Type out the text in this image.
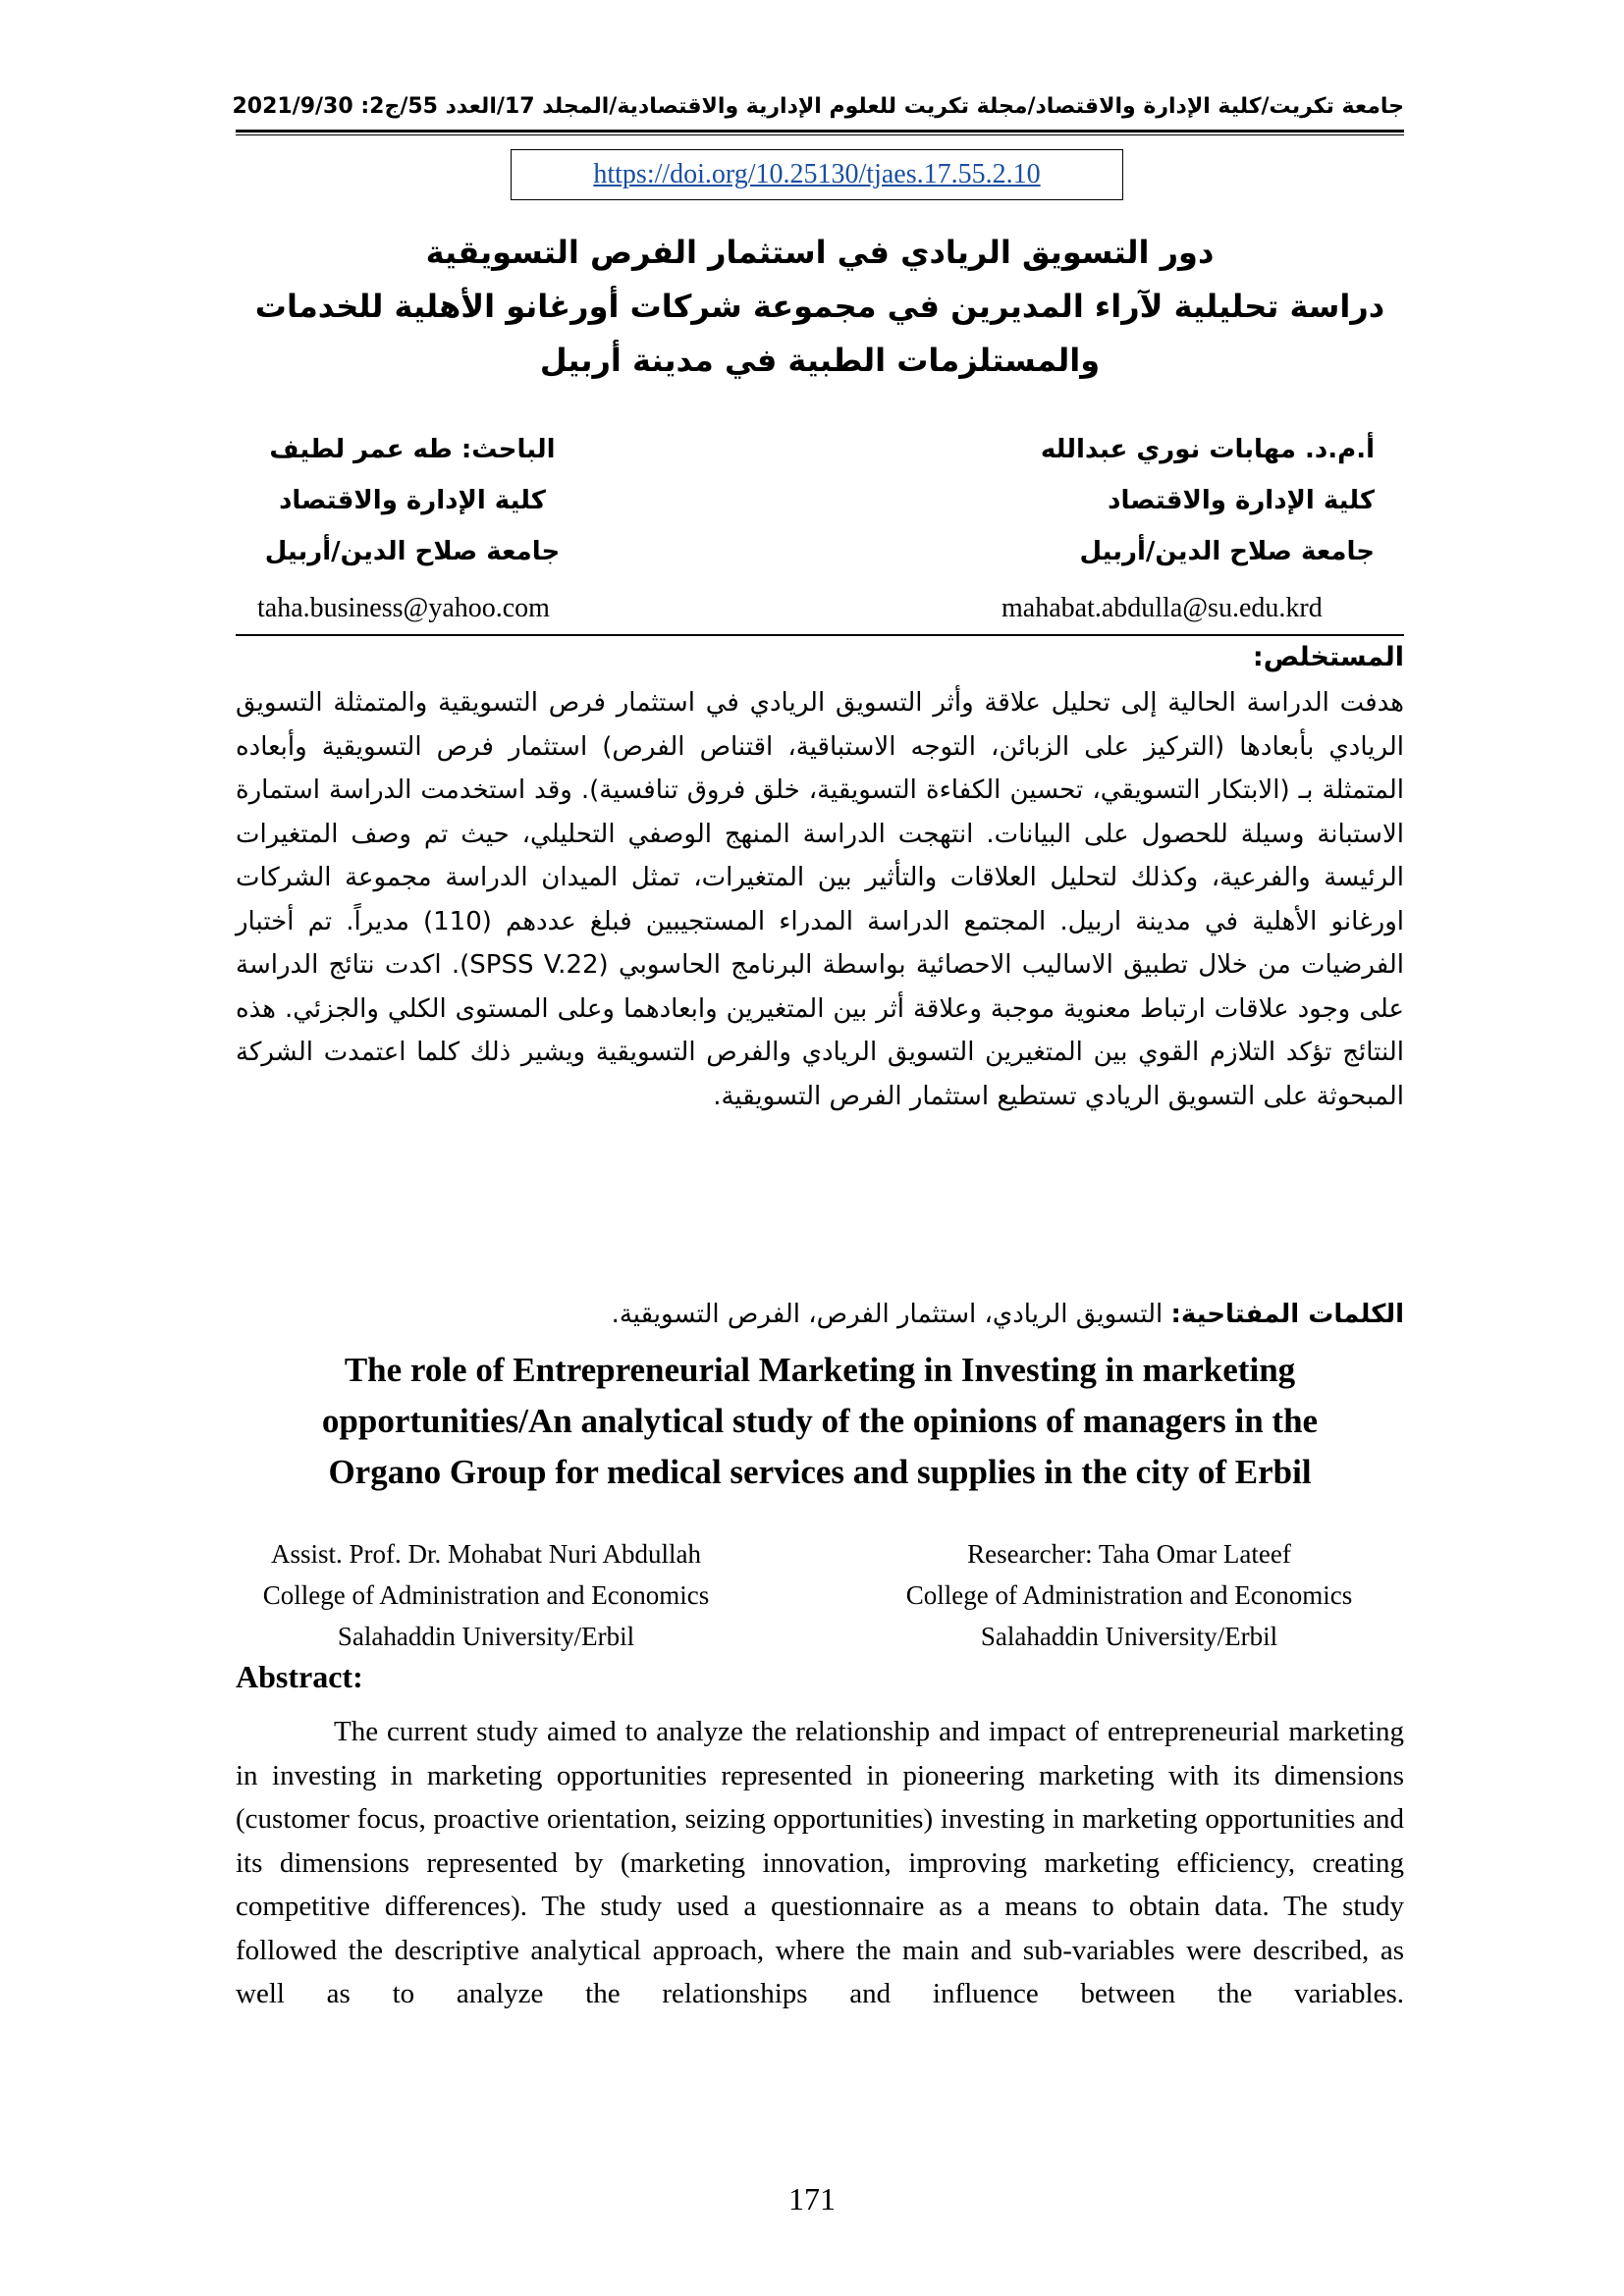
جامعة تكريت/كلية الإدارة والاقتصاد/مجلة تكريت للعلوم الإدارية والاقتصادية/المجلد 17/العدد 55/ج2: 2021/9/30
https://doi.org/10.25130/tjaes.17.55.2.10
دور التسويق الريادي في استثمار الفرص التسويقية
دراسة تحليلية لآراء المديرين في مجموعة شركات أورغانو الأهلية للخدمات
والمستلزمات الطبية في مدينة أربيل
أ.م.د. مهابات نوري عبدالله
كلية الإدارة والاقتصاد
جامعة صلاح الدين/أربيل
الباحث: طه عمر لطيف
كلية الإدارة والاقتصاد
جامعة صلاح الدين/أربيل
mahabat.abdulla@su.edu.krd
taha.business@yahoo.com
المستخلص:
هدفت الدراسة الحالية إلى تحليل علاقة وأثر التسويق الريادي في استثمار فرص التسويقية والمتمثلة التسويق الريادي بأبعادها (التركيز على الزبائن، التوجه الاستباقية، اقتناص الفرص) استثمار فرص التسويقية وأبعاده المتمثلة بـ (الابتكار التسويقي، تحسين الكفاءة التسويقية، خلق فروق تنافسية). وقد استخدمت الدراسة استمارة الاستبانة وسيلة للحصول على البيانات. انتهجت الدراسة المنهج الوصفي التحليلي، حيث تم وصف المتغيرات الرئيسة والفرعية، وكذلك لتحليل العلاقات والتأثير بين المتغيرات، تمثل الميدان الدراسة مجموعة الشركات اورغانو الأهلية في مدينة اربيل. المجتمع الدراسة المدراء المستجيبين فبلغ عددهم (110) مديراً. تم أختبار الفرضيات من خلال تطبيق الاساليب الاحصائية بواسطة البرنامج الحاسوبي (SPSS V.22). اكدت نتائج الدراسة على وجود علاقات ارتباط معنوية موجبة وعلاقة أثر بين المتغيرين وابعادهما وعلى المستوى الكلي والجزئي. هذه النتائج تؤكد التلازم القوي بين المتغيرين التسويق الريادي والفرص التسويقية ويشير ذلك كلما اعتمدت الشركة المبحوثة على التسويق الريادي تستطيع استثمار الفرص التسويقية.
الكلمات المفتاحية: التسويق الريادي، استثمار الفرص، الفرص التسويقية.
The role of Entrepreneurial Marketing in Investing in marketing
opportunities/An analytical study of the opinions of managers in the
Organo Group for medical services and supplies in the city of Erbil
Assist. Prof. Dr. Mohabat Nuri Abdullah
College of Administration and Economics
Salahaddin University/Erbil
Researcher: Taha Omar Lateef
College of Administration and Economics
Salahaddin University/Erbil
Abstract:
The current study aimed to analyze the relationship and impact of entrepreneurial marketing in investing in marketing opportunities represented in pioneering marketing with its dimensions (customer focus, proactive orientation, seizing opportunities) investing in marketing opportunities and its dimensions represented by (marketing innovation, improving marketing efficiency, creating competitive differences). The study used a questionnaire as a means to obtain data. The study followed the descriptive analytical approach, where the main and sub-variables were described, as well as to analyze the relationships and influence between the variables.
171
